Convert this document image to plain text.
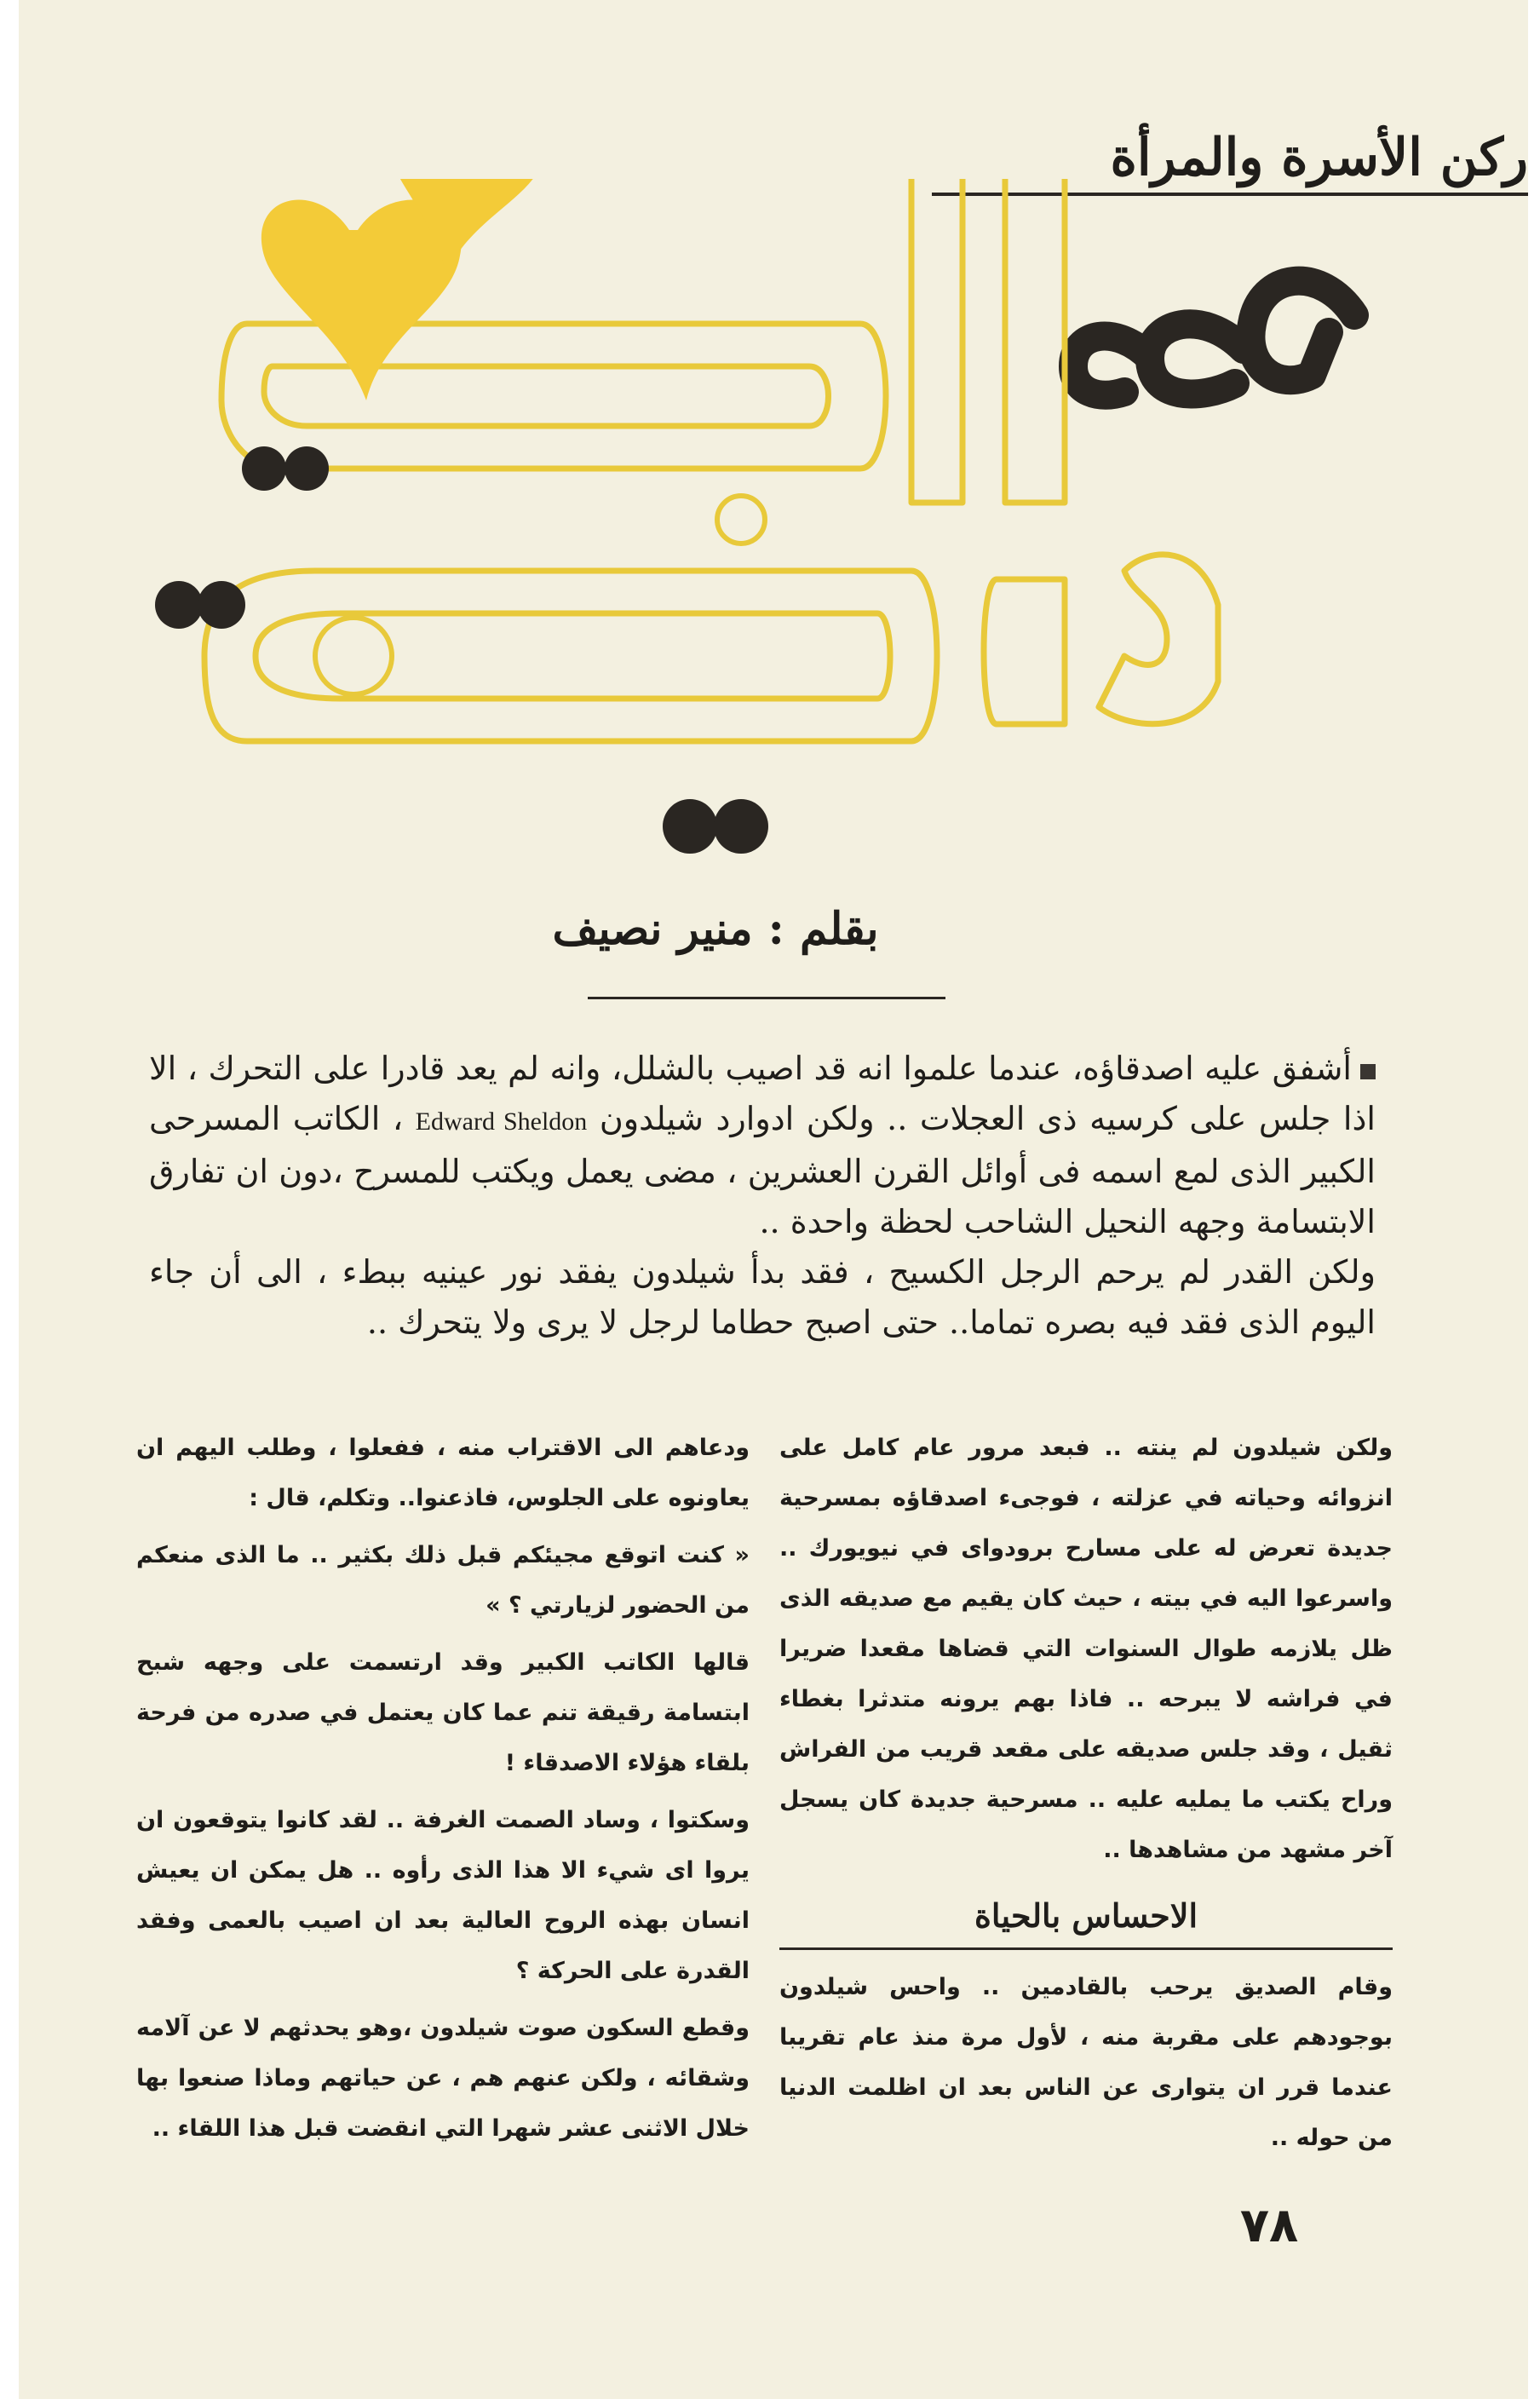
ركن الأسرة والمرأة
بقلم : منير نصيف

أشفق عليه اصدقاؤه، عندما علموا انه قد اصيب بالشلل، وانه لم يعد قادرا على التحرك ، الا اذا جلس على كرسيه ذى العجلات .. ولكن ادوارد شيلدون Edward Sheldon ، الكاتب المسرحى الكبير الذى لمع اسمه فى أوائل القرن العشرين ، مضى يعمل ويكتب للمسرح ،دون ان تفارق الابتسامة وجهه النحيل الشاحب لحظة واحدة ..

ولكن القدر لم يرحم الرجل الكسيح ، فقد بدأ شيلدون يفقد نور عينيه ببطء ، الى أن جاء اليوم الذى فقد فيه بصره تماما.. حتى اصبح حطاما لرجل لا يرى ولا يتحرك ..

ولكن شيلدون لم ينته .. فبعد مرور عام كامل على انزوائه وحياته في عزلته ، فوجىء اصدقاؤه بمسرحية جديدة تعرض له على مسارح برودواى في نيويورك .. واسرعوا اليه في بيته ، حيث كان يقيم مع صديقه الذى ظل يلازمه طوال السنوات التي قضاها مقعدا ضريرا في فراشه لا يبرحه .. فاذا بهم يرونه متدثرا بغطاء ثقيل ، وقد جلس صديقه على مقعد قريب من الفراش وراح يكتب ما يمليه عليه .. مسرحية جديدة كان يسجل آخر مشهد من مشاهدها ..

الاحساس بالحياة

وقام الصديق يرحب بالقادمين .. واحس شيلدون بوجودهم على مقربة منه ، لأول مرة منذ عام تقريبا عندما قرر ان يتوارى عن الناس بعد ان اظلمت الدنيا من حوله ..

ودعاهم الى الاقتراب منه ، ففعلوا ، وطلب اليهم ان يعاونوه على الجلوس، فاذعنوا.. وتكلم، قال :

« كنت اتوقع مجيئكم قبل ذلك بكثير .. ما الذى منعكم من الحضور لزيارتي ؟ »

قالها الكاتب الكبير وقد ارتسمت على وجهه شبح ابتسامة رقيقة تنم عما كان يعتمل في صدره من فرحة بلقاء هؤلاء الاصدقاء !

وسكتوا ، وساد الصمت الغرفة .. لقد كانوا يتوقعون ان يروا اى شيء الا هذا الذى رأوه .. هل يمكن ان يعيش انسان بهذه الروح العالية بعد ان اصيب بالعمى وفقد القدرة على الحركة ؟

وقطع السكون صوت شيلدون ،وهو يحدثهم لا عن آلامه وشقائه ، ولكن عنهم هم ، عن حياتهم وماذا صنعوا بها خلال الاثنى عشر شهرا التي انقضت قبل هذا اللقاء ..

٧٨
